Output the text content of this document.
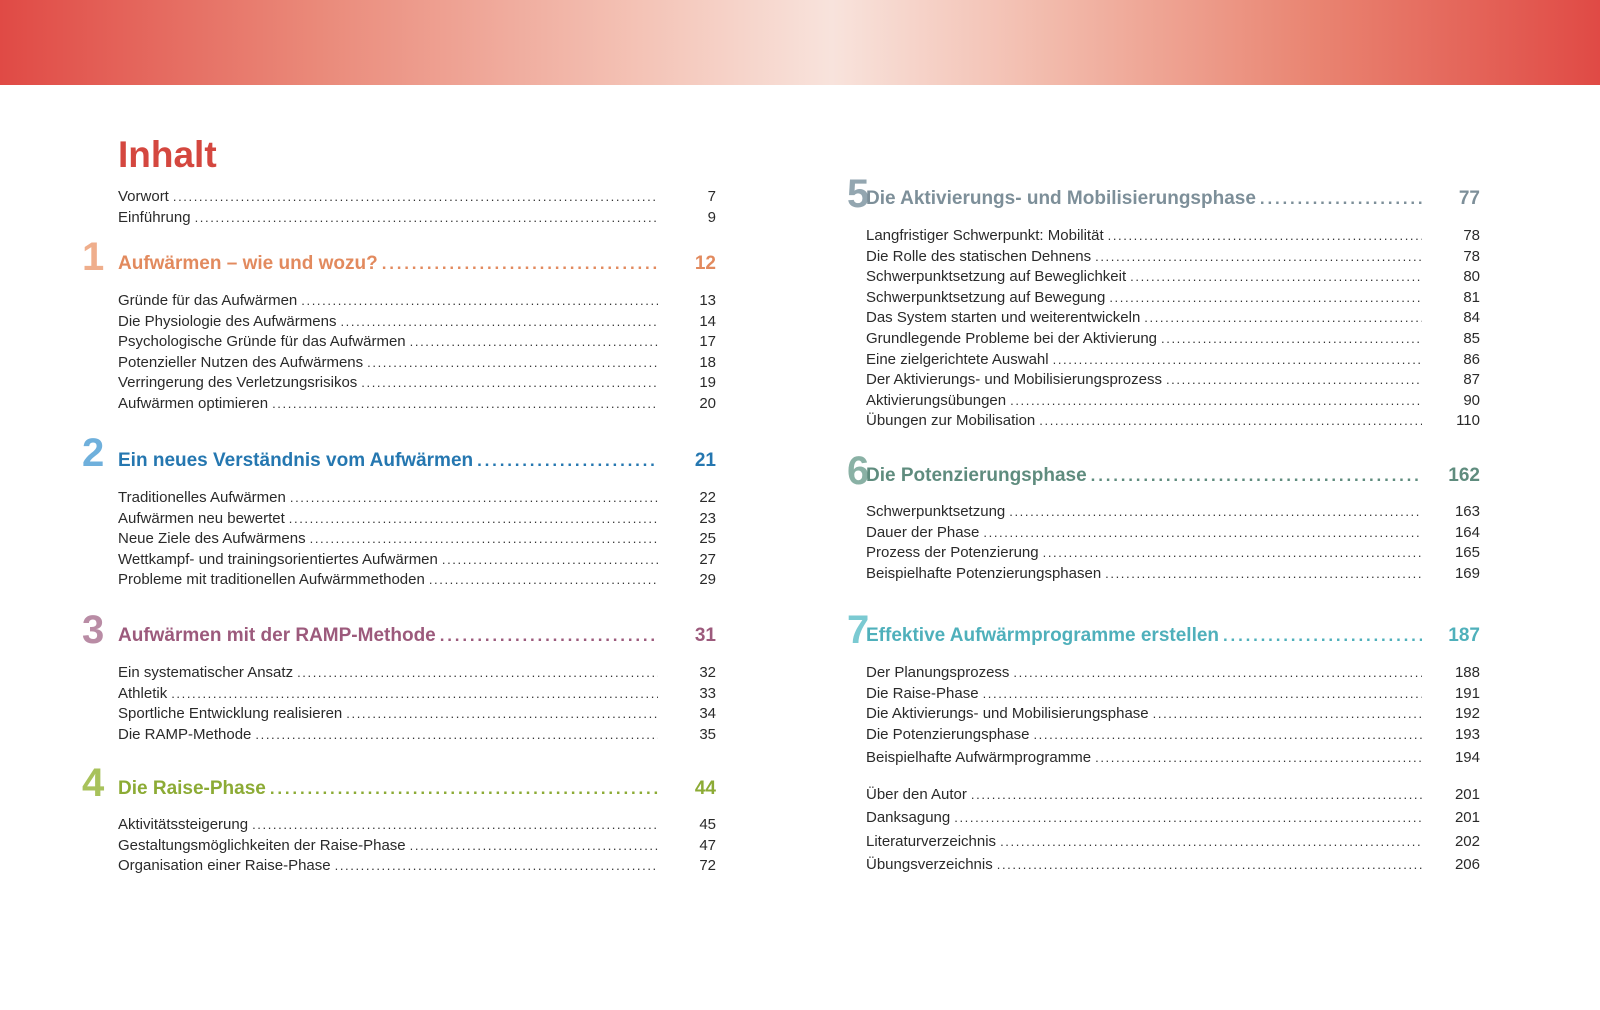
Inhalt
Vorwort .....	7
Einführung .....	9
1 Aufwärmen – wie und wozu? .....	12
Gründe für das Aufwärmen .....	13
Die Physiologie des Aufwärmens .....	14
Psychologische Gründe für das Aufwärmen .....	17
Potenzieller Nutzen des Aufwärmens .....	18
Verringerung des Verletzungsrisikos .....	19
Aufwärmen optimieren .....	20
2 Ein neues Verständnis vom Aufwärmen .....	21
Traditionelles Aufwärmen .....	22
Aufwärmen neu bewertet .....	23
Neue Ziele des Aufwärmens .....	25
Wettkampf- und trainingsorientiertes Aufwärmen .....	27
Probleme mit traditionellen Aufwärmmethoden .....	29
3 Aufwärmen mit der RAMP-Methode .....	31
Ein systematischer Ansatz .....	32
Athletik .....	33
Sportliche Entwicklung realisieren .....	34
Die RAMP-Methode .....	35
4 Die Raise-Phase .....	44
Aktivitätssteigerung .....	45
Gestaltungsmöglichkeiten der Raise-Phase .....	47
Organisation einer Raise-Phase .....	72
5
Die Aktivierungs- und Mobilisierungsphase .....	77
Langfristiger Schwerpunkt: Mobilität .....	78
Die Rolle des statischen Dehnens .....	78
Schwerpunktsetzung auf Beweglichkeit .....	80
Schwerpunktsetzung auf Bewegung .....	81
Das System starten und weiterentwickeln .....	84
Grundlegende Probleme bei der Aktivierung .....	85
Eine zielgerichtete Auswahl .....	86
Der Aktivierungs- und Mobilisierungsprozess .....	87
Aktivierungsübungen .....	90
Übungen zur Mobilisation .....	110
6
Die Potenzierungsphase .....	162
Schwerpunktsetzung .....	163
Dauer der Phase .....	164
Prozess der Potenzierung .....	165
Beispielhafte Potenzierungsphasen .....	169
7
Effektive Aufwärmprogramme erstellen .....	187
Der Planungsprozess .....	188
Die Raise-Phase .....	191
Die Aktivierungs- und Mobilisierungsphase .....	192
Die Potenzierungsphase .....	193
Beispielhafte Aufwärmprogramme .....	194
Über den Autor .....	201
Danksagung .....	201
Literaturverzeichnis .....	202
Übungsverzeichnis .....	206
